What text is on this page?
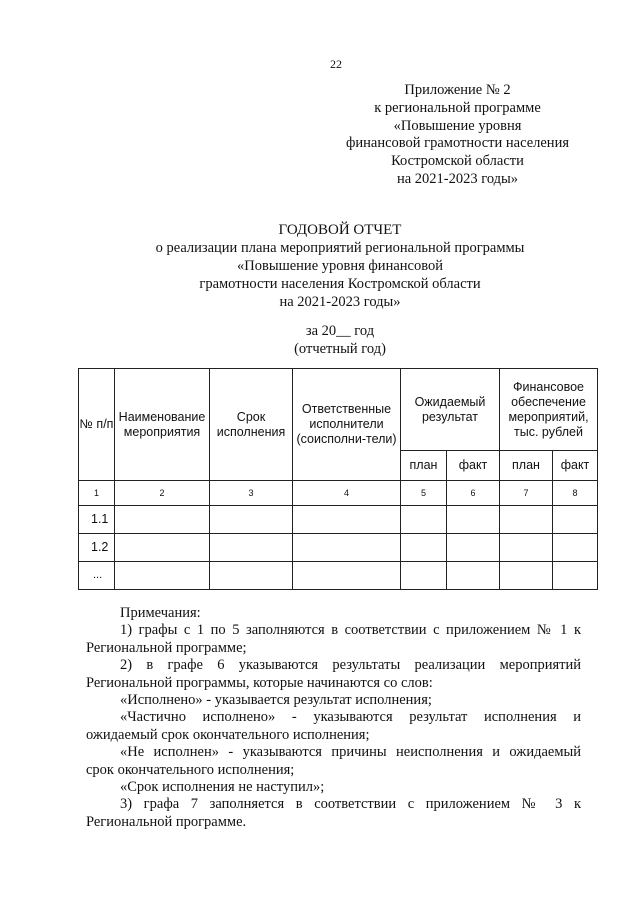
22
Приложение № 2
к региональной программе
«Повышение уровня
финансовой грамотности населения
Костромской области
на 2021-2023 годы»
ГОДОВОЙ ОТЧЕТ
о реализации плана мероприятий региональной программы
«Повышение уровня финансовой
грамотности населения Костромской области
на 2021-2023 годы»
за 20__ год
(отчетный год)
№ п/п	Наименование мероприятия	Срок исполнения	Ответственные исполнители (соисполни-тели)	Ожидаемый результат		Финансовое обеспечение мероприятий, тыс. рублей	
				план	факт	план	факт
1	2	3	4	5	6	7	8
1.1							
1.2							
...							

Примечания:

1) графы с 1 по 5 заполняются в соответствии с приложением № 1 к

Региональной программе;

2) в графе 6 указываются результаты реализации мероприятий

Региональной программы, которые начинаются со слов:

«Исполнено» - указывается результат исполнения;

«Частично исполнено» - указываются результат исполнения и

ожидаемый срок окончательного исполнения;

«Не исполнен» - указываются причины неисполнения и ожидаемый

срок окончательного исполнения;

«Срок исполнения не наступил»;

3) графа 7 заполняется в соответствии с приложением № 3 к

Региональной программе.
